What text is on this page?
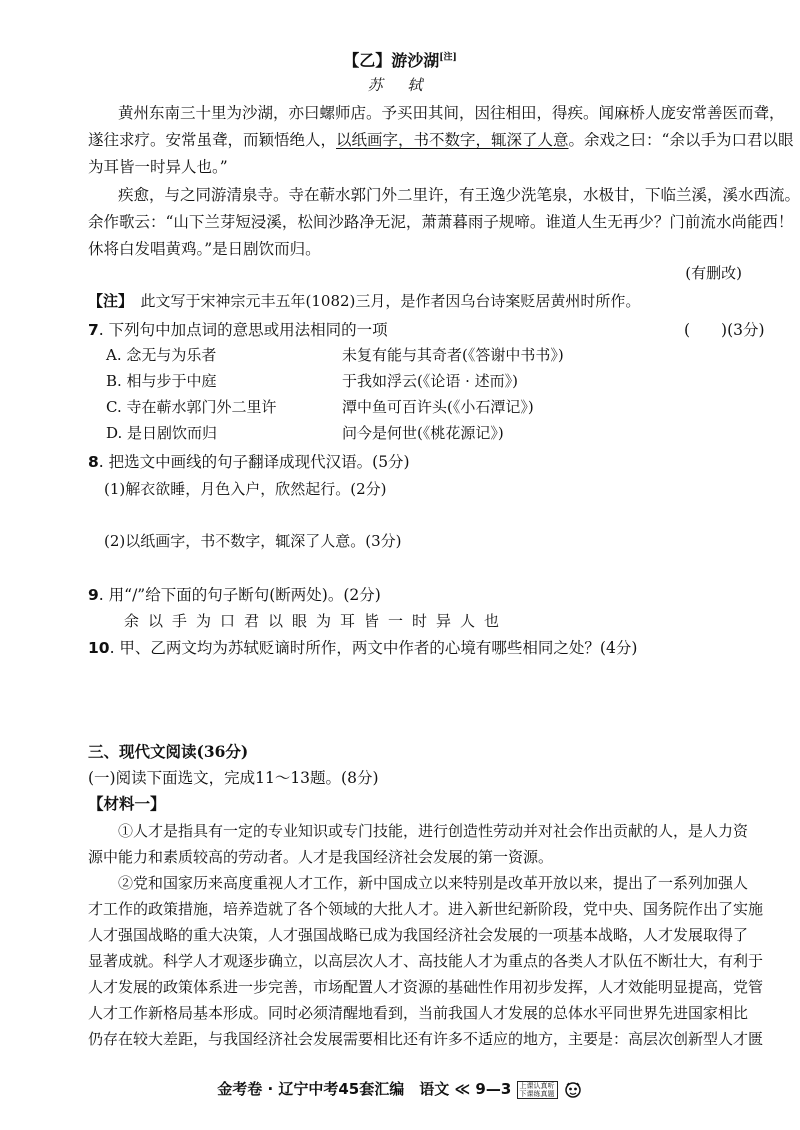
【乙】游沙湖[注]
苏 轼
黄州东南三十里为沙湖，亦曰螺师店。予买田其间，因往相田，得疾。闻麻桥人庞安常善医而聋，
遂往求疗。安常虽聋，而颖悟绝人，以纸画字，书不数字，辄深了人意。余戏之曰：“余以手为口君以眼
为耳皆一时异人也。”
疾愈，与之同游清泉寺。寺在蕲水郭门外二里许，有王逸少洗笔泉，水极甘，下临兰溪，溪水西流。
余作歌云：“山下兰芽短浸溪，松间沙路净无泥，萧萧暮雨子规啼。谁道人生无再少？门前流水尚能西！
休将白发唱黄鸡。”是日剧饮而归。
(有删改)
【注】　 此文写于宋神宗元丰五年(1082)三月，是作者因乌台诗案贬居黄州时所作。
7. 下列句中加点词的意思或用法相同的一项	(　　)(3分)
A. 念无与为乐者	未复有能与其奇者(《答谢中书书》)
B. 相与步于中庭	于我如浮云(《论语 · 述而》)
C. 寺在蕲水郭门外二里许	潭中鱼可百许头(《小石潭记》)
D. 是日剧饮而归	问今是何世(《桃花源记》)
8. 把选文中画线的句子翻译成现代汉语。(5分)
(1)解衣欲睡，月色入户，欣然起行。(2分)
(2)以纸画字，书不数字，辄深了人意。(3分)
9. 用“/”给下面的句子断句(断两处)。(2分)
余以手为口君以眼为耳皆一时异人也
10. 甲、乙两文均为苏轼贬谪时所作，两文中作者的心境有哪些相同之处？(4分)
三、现代文阅读(36分)
(一)阅读下面选文，完成11～13题。(8分)
【材料一】
①人才是指具有一定的专业知识或专门技能，进行创造性劳动并对社会作出贡献的人，是人力资
源中能力和素质较高的劳动者。人才是我国经济社会发展的第一资源。
②党和国家历来高度重视人才工作，新中国成立以来特别是改革开放以来，提出了一系列加强人
才工作的政策措施，培养造就了各个领域的大批人才。进入新世纪新阶段，党中央、国务院作出了实施
人才强国战略的重大决策，人才强国战略已成为我国经济社会发展的一项基本战略，人才发展取得了
显著成就。科学人才观逐步确立，以高层次人才、高技能人才为重点的各类人才队伍不断壮大，有利于
人才发展的政策体系进一步完善，市场配置人才资源的基础性作用初步发挥，人才效能明显提高，党管
人才工作新格局基本形成。同时必须清醒地看到，当前我国人才发展的总体水平同世界先进国家相比
仍存在较大差距，与我国经济社会发展需要相比还有许多不适应的地方，主要是：高层次创新型人才匮
金考卷 · 辽宁中考45套汇编　语文 ≪ 9—3 上课认真听
下课练真题
